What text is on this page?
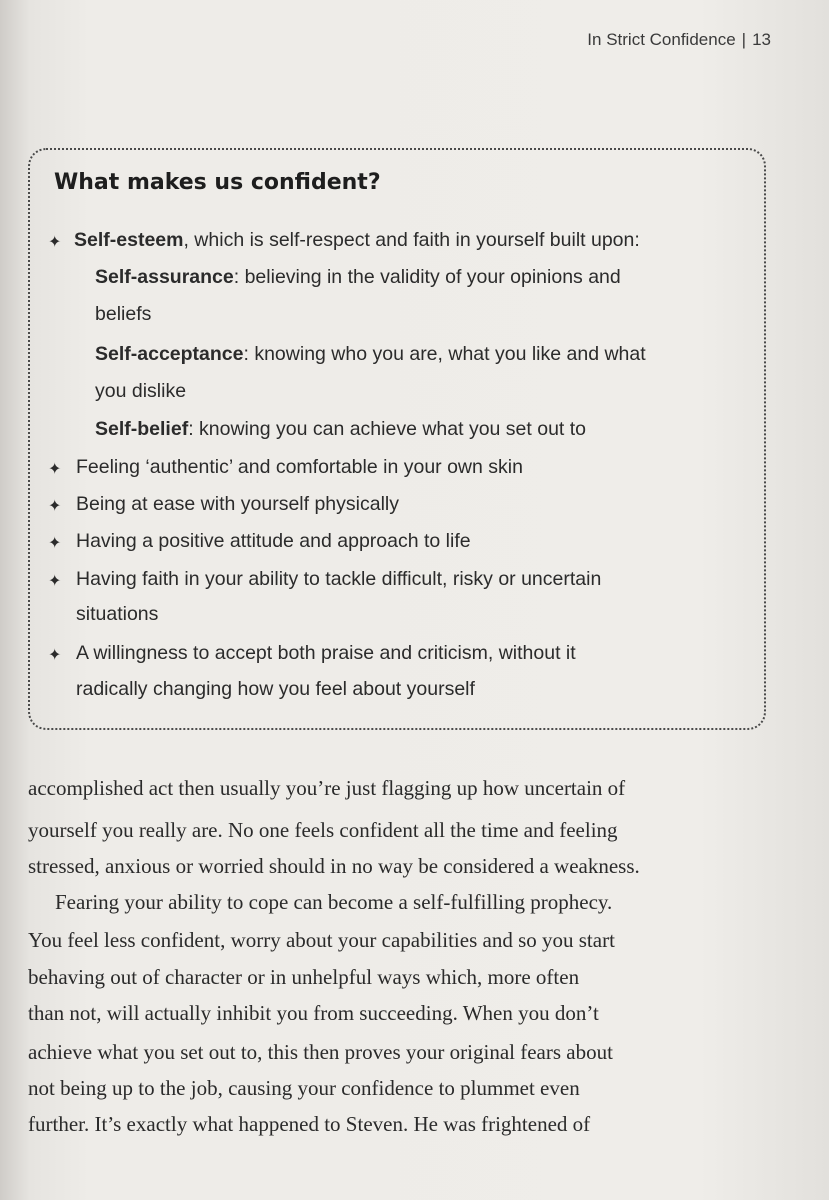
In Strict Confidence | 13
What makes us confident?
✦ Self-esteem, which is self-respect and faith in yourself built upon:
Self-assurance: believing in the validity of your opinions and
beliefs
Self-acceptance: knowing who you are, what you like and what
you dislike
Self-belief: knowing you can achieve what you set out to
✦ Feeling ‘authentic’ and comfortable in your own skin
✦ Being at ease with yourself physically
✦ Having a positive attitude and approach to life
✦ Having faith in your ability to tackle difficult, risky or uncertain
situations
✦ A willingness to accept both praise and criticism, without it
radically changing how you feel about yourself
accomplished act then usually you’re just flagging up how uncertain of
yourself you really are. No one feels confident all the time and feeling
stressed, anxious or worried should in no way be considered a weakness.
Fearing your ability to cope can become a self-fulfilling prophecy.
You feel less confident, worry about your capabilities and so you start
behaving out of character or in unhelpful ways which, more often
than not, will actually inhibit you from succeeding. When you don’t
achieve what you set out to, this then proves your original fears about
not being up to the job, causing your confidence to plummet even
further. It’s exactly what happened to Steven. He was frightened of
